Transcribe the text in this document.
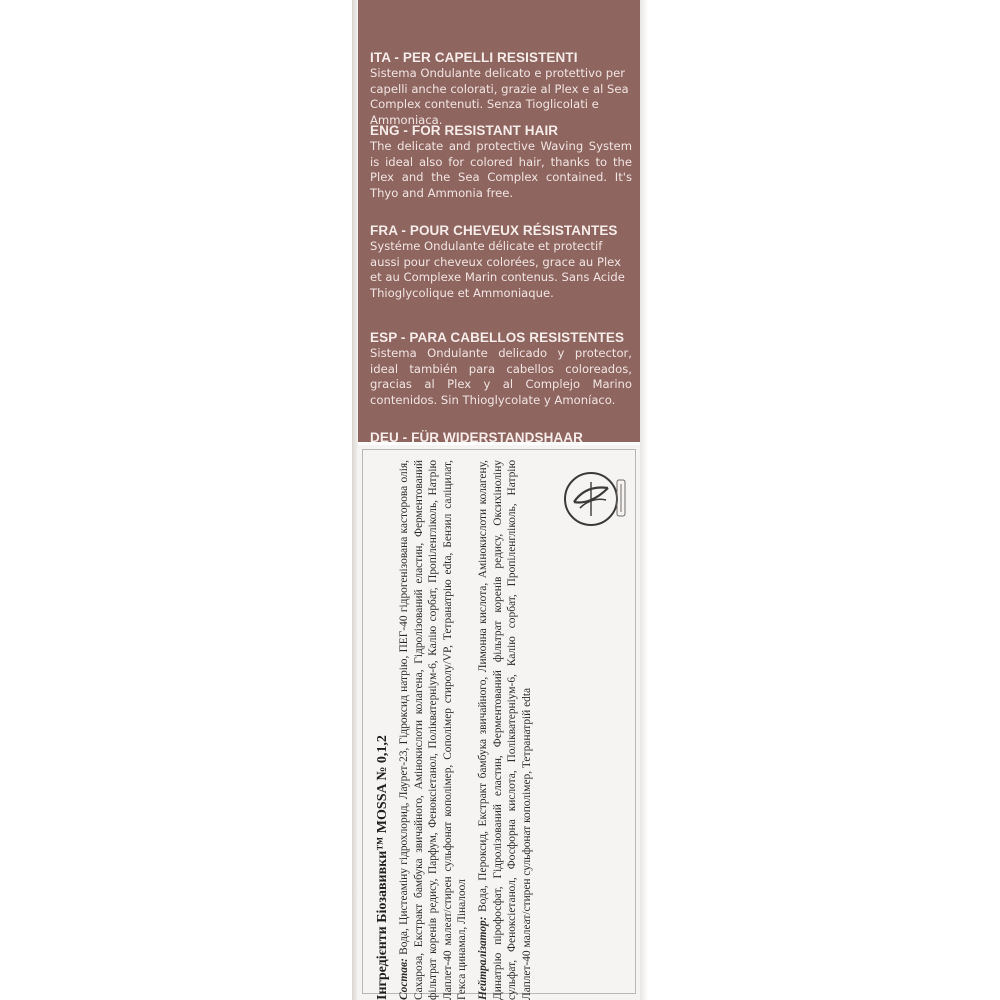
ITA - PER CAPELLI RESISTENTI
Sistema Ondulante delicato e protettivo per capelli anche colorati, grazie al Plex e al Sea Complex contenuti. Senza Tioglicolati e Ammoniaca.
ENG - FOR RESISTANT HAIR
The delicate and protective Waving System is ideal also for colored hair, thanks to the Plex and the Sea Complex contained. It's Thyo and Ammonia free.
FRA - POUR CHEVEUX RÉSISTANTES
Systéme Ondulante délicate et protectif aussi pour cheveux colorées, grace au Plex et au Complexe Marin contenus. Sans Acide Thioglycolique et Ammoniaque.
ESP - PARA CABELLOS RESISTENTES
Sistema Ondulante delicado y protector, ideal también para cabellos coloreados, gracias al Plex y al Complejo Marino contenidos. Sin Thioglycolate y Amoníaco.
DEU - FÜR WIDERSTANDSHAAR
Інгредієнти Біозавивки™ MOSSA № 0,1,2 Состав: Вода, Цистеаміну гідрохлорид, Лаурет-23, Гідроксид натрію, ПЕГ-40 гідрогенізована касторова олія, Сахароза, Екстракт бамбука звичайного, Амінокислоти колагена, Гідролізований еластин, Ферментований фільтрат коренів редису, Парфум, Феноксіетанол, Полікватерніум-6, Калію сорбат, Пропіленгліколь, Натрію Лаплет-40 малеат/стирен сульфонат кополімер, Сополімер стиролу/VP, Тетранатрію edta, Бензил саліцилат, Гекса цинамал, Ліналоол Нейтралізатор: Вода, Пероксид, Екстракт бамбука звичайного, Лимонна кислота, Амінокислоти колагену, Динатрію пірофосфат, Гідролізований еластин, Ферментований фільтрат коренів редису, Оксихіноліну сульфат, Феноксіетанол, Фосфорна кислота, Полікватерніум-6, Калію сорбат, Пропіленгліколь, Натрію Лаплет-40 малеат/стирен сульфонат кополімер, Тетранатрій edta
